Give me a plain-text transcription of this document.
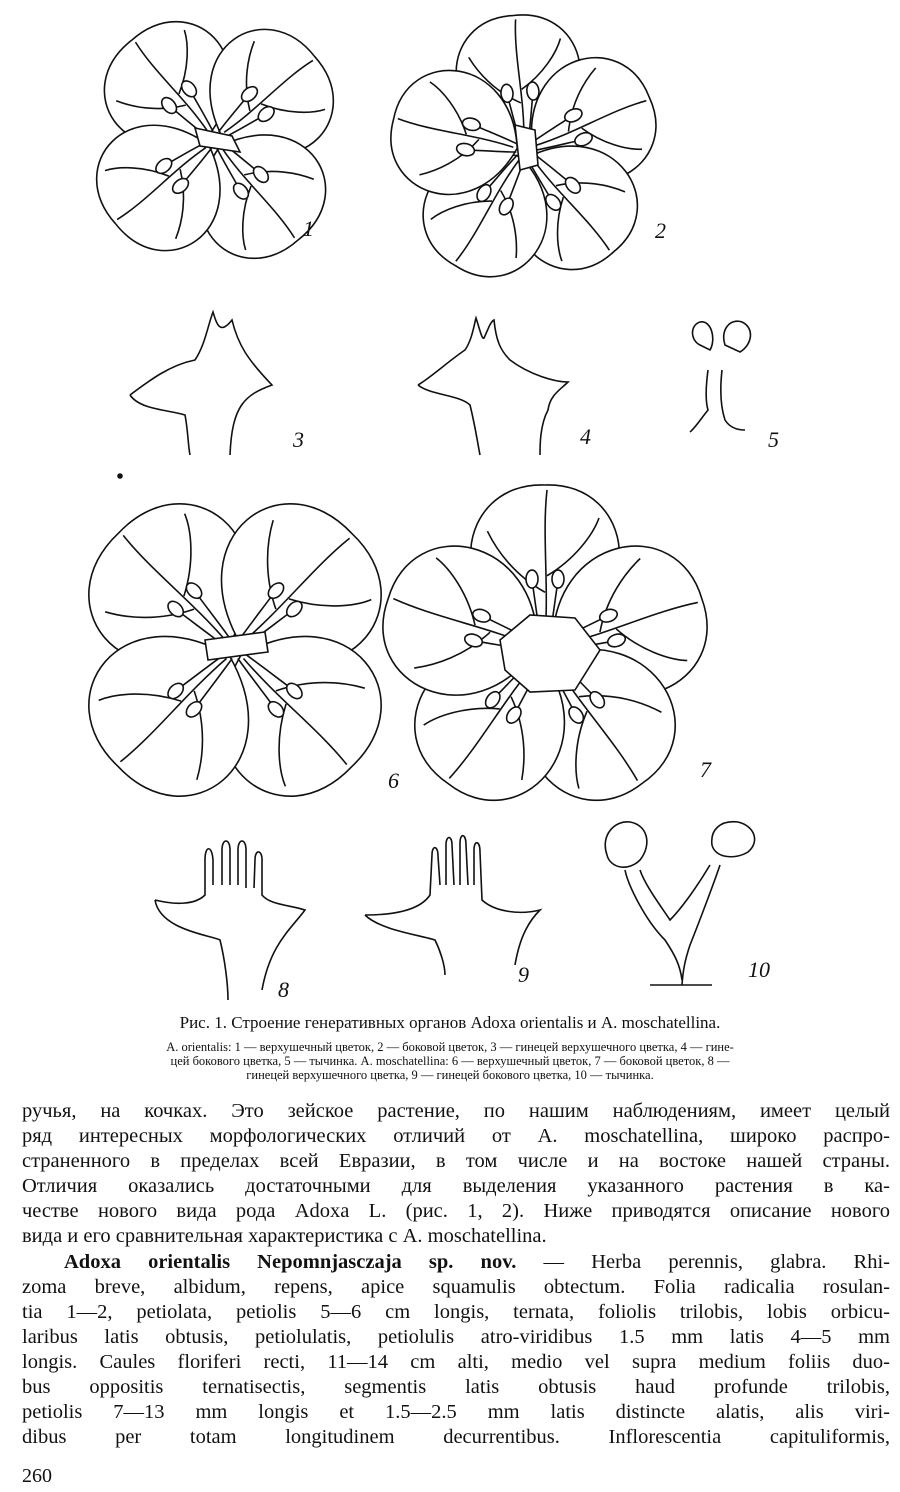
1	2
3	4	5
6	7
8
9	10
Рис. 1. Строение генеративных органов Adoxa orientalis и A. moschatellina.
A. orientalis: 1 — верхушечный цветок, 2 — боковой цветок, 3 — гинецей верхушечного цветка, 4 — гине-
цей бокового цветка, 5 — тычинка. A. moschatellina: 6 — верхушечный цветок, 7 — боковой цветок, 8 —
гинецей верхушечного цветка, 9 — гинецей бокового цветка, 10 — тычинка.
ручья, на кочках. Это зейское растение, по нашим наблюдениям, имеет целый
ряд интересных морфологических отличий от A. moschatellina, широко распро-
страненного в пределах всей Евразии, в том числе и на востоке нашей страны.
Отличия оказались достаточными для выделения указанного растения в ка-
честве нового вида рода Adoxa L. (рис. 1, 2). Ниже приводятся описание нового
вида и его сравнительная характеристика с A. moschatellina.
Adoxa orientalis Nepomnjasczaja sp. nov. — Herba perennis, glabra. Rhi-
zoma breve, albidum, repens, apice squamulis obtectum. Folia radicalia rosulan-
tia 1—2, petiolata, petiolis 5—6 cm longis, ternata, foliolis trilobis, lobis orbicu-
laribus latis obtusis, petiolulatis, petiolulis atro-viridibus 1.5 mm latis 4—5 mm
longis. Caules floriferi recti, 11—14 cm alti, medio vel supra medium foliis duo-
bus oppositis ternatisectis, segmentis latis obtusis haud profunde trilobis,
petiolis 7—13 mm longis et 1.5—2.5 mm latis distincte alatis, alis viri-
dibus per totam longitudinem decurrentibus. Inflorescentia capituliformis,
260
